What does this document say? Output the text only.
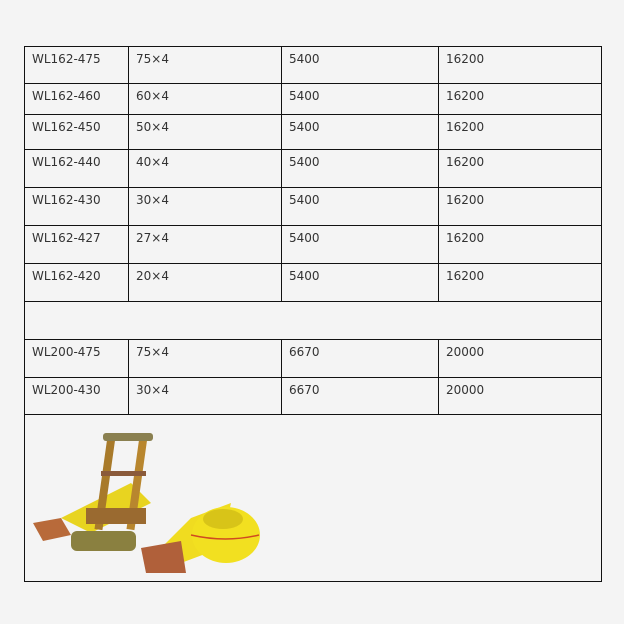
WL162-475	75×4	5400	16200
WL162-460	60×4	5400	16200
WL162-450	50×4	5400	16200
WL162-440	40×4	5400	16200
WL162-430	30×4	5400	16200
WL162-427	27×4	5400	16200
WL162-420	20×4	5400	16200

WL200-475	75×4	6670	20000
WL200-430	30×4	6670	20000
